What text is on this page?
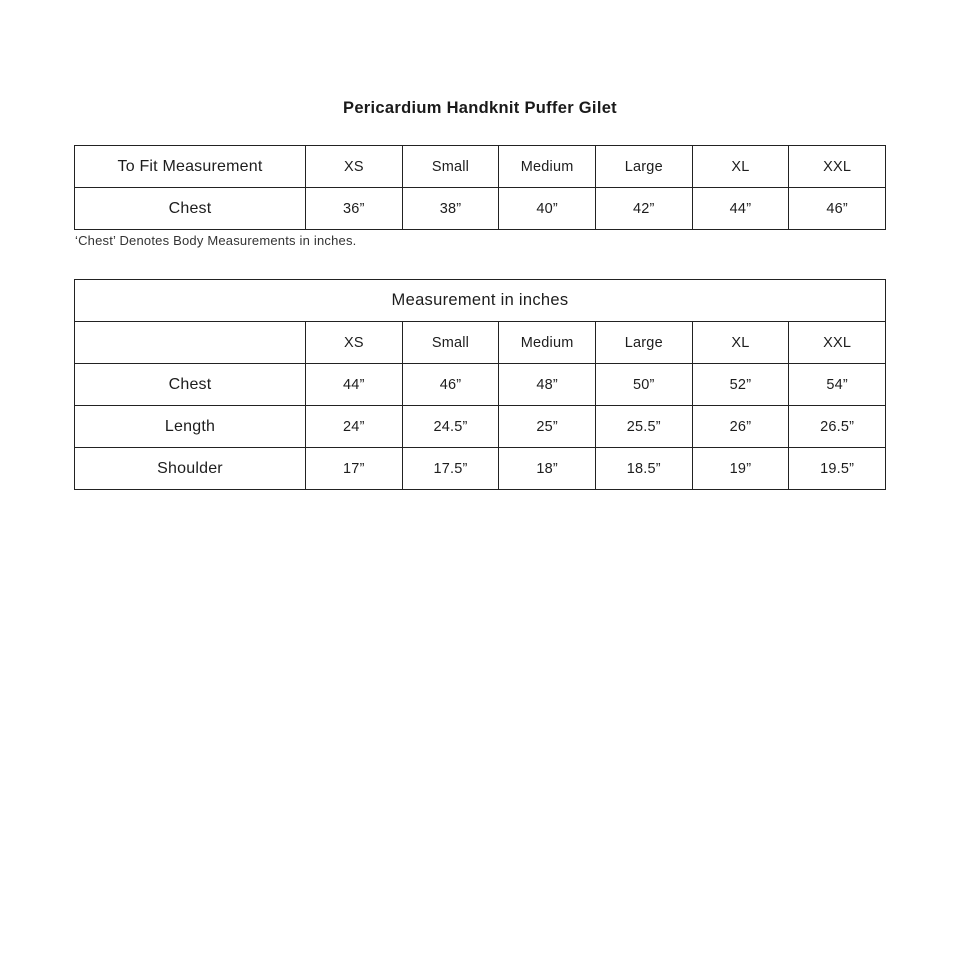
Pericardium Handknit Puffer Gilet
To Fit Measurement	XS	Small	Medium	Large	XL	XXL
Chest	36”	38”	40”	42”	44”	46”

‘Chest’ Denotes Body Measurements in inches.

Measurement in inches						
	XS	Small	Medium	Large	XL	XXL
Chest	44”	46”	48”	50”	52”	54”
Length	24”	24.5”	25”	25.5”	26”	26.5”
Shoulder	17”	17.5”	18”	18.5”	19”	19.5”
